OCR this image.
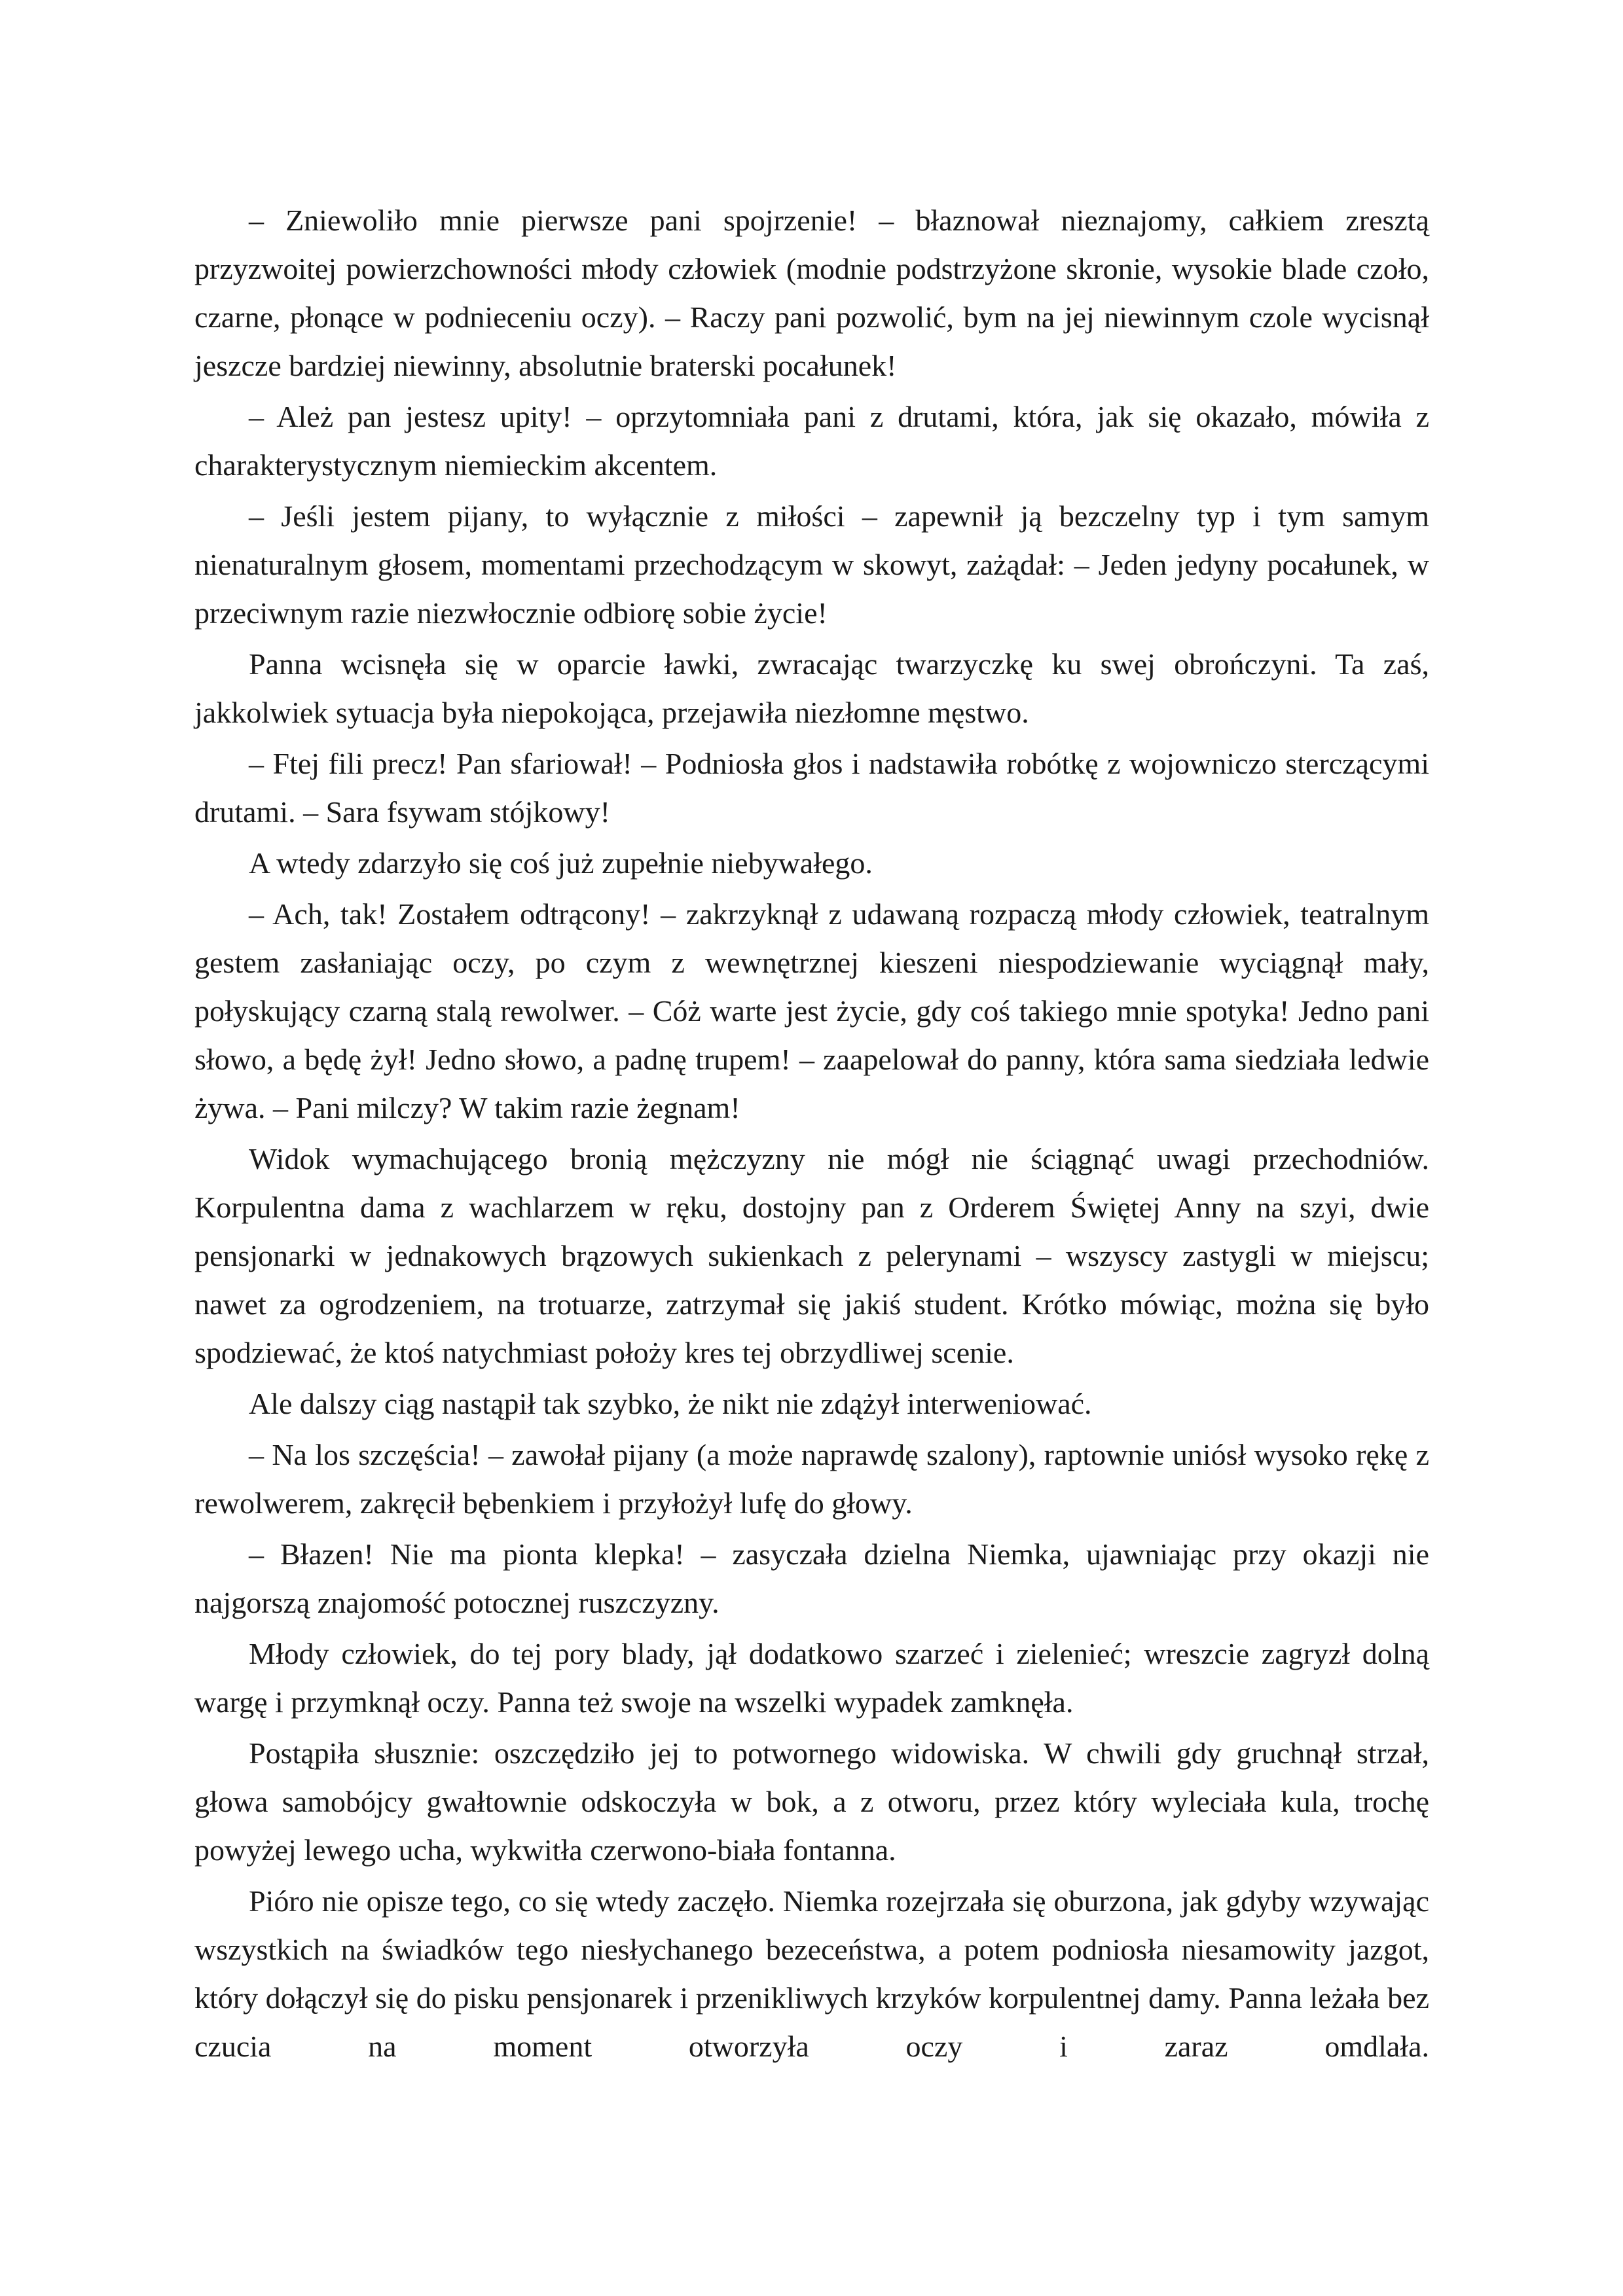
– Zniewoliło mnie pierwsze pani spojrzenie! – błaznował nieznajomy, całkiem zresztą przyzwoitej powierzchowności młody człowiek (modnie podstrzyżone skronie, wysokie blade czoło, czarne, płonące w podnieceniu oczy). – Raczy pani pozwolić, bym na jej niewinnym czole wycisnął jeszcze bardziej niewinny, absolutnie braterski pocałunek!

– Ależ pan jestesz upity! – oprzytomniała pani z drutami, która, jak się okazało, mówiła z charakterystycznym niemieckim akcentem.

– Jeśli jestem pijany, to wyłącznie z miłości – zapewnił ją bezczelny typ i tym samym nienaturalnym głosem, momentami przechodzącym w skowyt, zażądał: – Jeden jedyny pocałunek, w przeciwnym razie niezwłocznie odbiorę sobie życie!

Panna wcisnęła się w oparcie ławki, zwracając twarzyczkę ku swej obrończyni. Ta zaś, jakkolwiek sytuacja była niepokojąca, przejawiła niezłomne męstwo.

– Ftej fili precz! Pan sfariował! – Podniosła głos i nadstawiła robótkę z wojowniczo sterczącymi drutami. – Sara fsywam stójkowy!

A wtedy zdarzyło się coś już zupełnie niebywałego.

– Ach, tak! Zostałem odtrącony! – zakrzyknął z udawaną rozpaczą młody człowiek, teatralnym gestem zasłaniając oczy, po czym z wewnętrznej kieszeni niespodziewanie wyciągnął mały, połyskujący czarną stalą rewolwer. – Cóż warte jest życie, gdy coś takiego mnie spotyka! Jedno pani słowo, a będę żył! Jedno słowo, a padnę trupem! – zaapelował do panny, która sama siedziała ledwie żywa. – Pani milczy? W takim razie żegnam!

Widok wymachującego bronią mężczyzny nie mógł nie ściągnąć uwagi przechodniów. Korpulentna dama z wachlarzem w ręku, dostojny pan z Orderem Świętej Anny na szyi, dwie pensjonarki w jednakowych brązowych sukienkach z pelerynami – wszyscy zastygli w miejscu; nawet za ogrodzeniem, na trotuarze, zatrzymał się jakiś student. Krótko mówiąc, można się było spodziewać, że ktoś natychmiast położy kres tej obrzydliwej scenie.

Ale dalszy ciąg nastąpił tak szybko, że nikt nie zdążył interweniować.

– Na los szczęścia! – zawołał pijany (a może naprawdę szalony), raptownie uniósł wysoko rękę z rewolwerem, zakręcił bębenkiem i przyłożył lufę do głowy.

– Błazen! Nie ma pionta klepka! – zasyczała dzielna Niemka, ujawniając przy okazji nie najgorszą znajomość potocznej ruszczyzny.

Młody człowiek, do tej pory blady, jął dodatkowo szarzeć i zielenieć; wreszcie zagryzł dolną wargę i przymknął oczy. Panna też swoje na wszelki wypadek zamknęła.

Postąpiła słusznie: oszczędziło jej to potwornego widowiska. W chwili gdy gruchnął strzał, głowa samobójcy gwałtownie odskoczyła w bok, a z otworu, przez który wyleciała kula, trochę powyżej lewego ucha, wykwitła czerwono-biała fontanna.

Pióro nie opisze tego, co się wtedy zaczęło. Niemka rozejrzała się oburzona, jak gdyby wzywając wszystkich na świadków tego niesłychanego bezeceństwa, a potem podniosła niesamowity jazgot, który dołączył się do pisku pensjonarek i przenikliwych krzyków korpulentnej damy. Panna leżała bez czucia na moment otworzyła oczy i zaraz omdlała.
